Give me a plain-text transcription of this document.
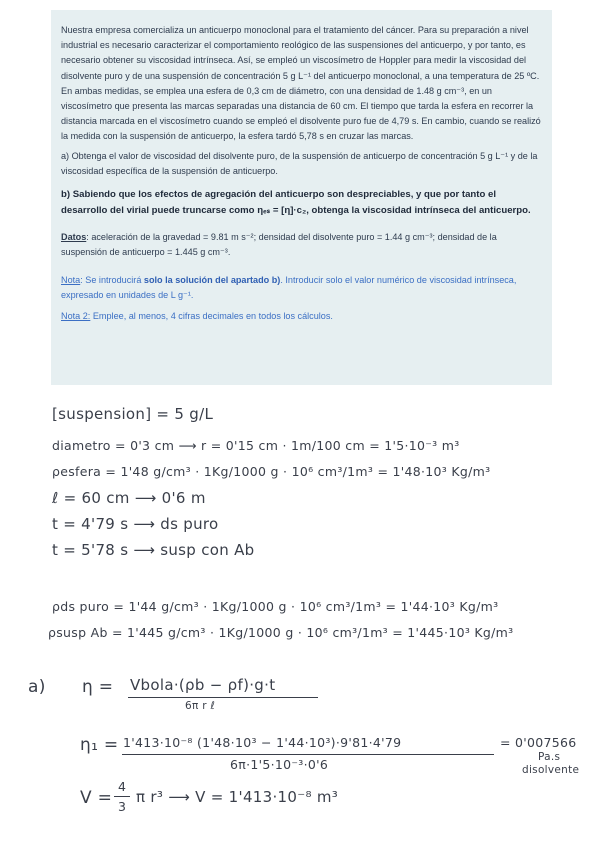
Nuestra empresa comercializa un anticuerpo monoclonal para el tratamiento del cáncer. Para su preparación a nivel industrial es necesario caracterizar el comportamiento reológico de las suspensiones del anticuerpo, y por tanto, es necesario obtener su viscosidad intrínseca. Así, se empleó un viscosímetro de Hoppler para medir la viscosidad del disolvente puro y de una suspensión de concentración 5 g L⁻¹ del anticuerpo monoclonal, a una temperatura de 25 ºC. En ambas medidas, se emplea una esfera de 0,3 cm de diámetro, con una densidad de 1.48 g cm⁻³, en un viscosímetro que presenta las marcas separadas una distancia de 60 cm. El tiempo que tarda la esfera en recorrer la distancia marcada en el viscosímetro cuando se empleó el disolvente puro fue de 4,79 s. En cambio, cuando se realizó la medida con la suspensión de anticuerpo, la esfera tardó 5,78 s en cruzar las marcas.

a) Obtenga el valor de viscosidad del disolvente puro, de la suspensión de anticuerpo de concentración 5 g L⁻¹ y de la viscosidad específica de la suspensión de anticuerpo.

b) Sabiendo que los efectos de agregación del anticuerpo son despreciables, y que por tanto el desarrollo del virial puede truncarse como ηₑₛ = [η]·c₂, obtenga la viscosidad intrínseca del anticuerpo.

Datos: aceleración de la gravedad = 9.81 m s⁻²; densidad del disolvente puro = 1.44 g cm⁻³; densidad de la suspensión de anticuerpo = 1.445 g cm⁻³.

Nota: Se introducirá solo la solución del apartado b). Introducir solo el valor numérico de viscosidad intrínseca, expresado en unidades de L g⁻¹.

Nota 2: Emplee, al menos, 4 cifras decimales en todos los cálculos.

[suspension] = 5 g/L
diametro = 0'3 cm ⟶ r = 0'15 cm · 1m/100 cm = 1'5·10⁻³ m³
ρesfera = 1'48 g/cm³ · 1Kg/1000 g · 10⁶ cm³/1m³ = 1'48·10³ Kg/m³
ℓ = 60 cm ⟶ 0'6 m
t = 4'79 s ⟶ ds puro
t = 5'78 s ⟶ susp con Ab
ρds puro = 1'44 g/cm³ · 1Kg/1000 g · 10⁶ cm³/1m³ = 1'44·10³ Kg/m³
ρsusp Ab = 1'445 g/cm³ · 1Kg/1000 g · 10⁶ cm³/1m³ = 1'445·10³ Kg/m³
a) η = Vbola·(ρb − ρf)·g·t
6π r ℓ
η₁ = 1'413·10⁻⁸ (1'48·10³ − 1'44·10³)·9'81·4'79
6π·1'5·10⁻³·0'6
= 0'007566
Pa.s
disolvente
V =
4
3
π r³ ⟶ V = 1'413·10⁻⁸ m³
